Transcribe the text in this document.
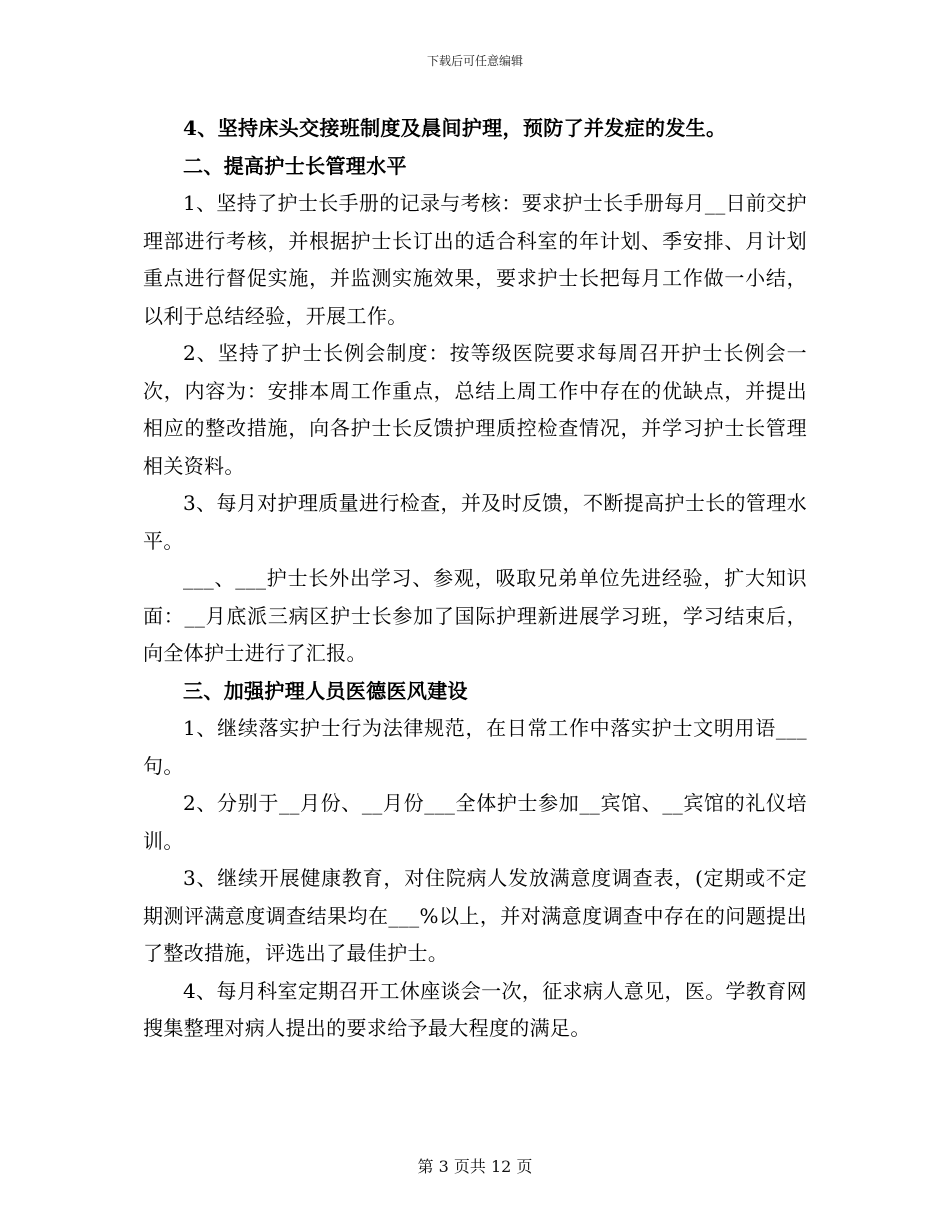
下载后可任意编辑

4、坚持床头交接班制度及晨间护理，预防了并发症的发生。

二、提高护士长管理水平

1、坚持了护士长手册的记录与考核：要求护士长手册每月__日前交护理部进行考核，并根据护士长订出的适合科室的年计划、季安排、月计划重点进行督促实施，并监测实施效果，要求护士长把每月工作做一小结，以利于总结经验，开展工作。

2、坚持了护士长例会制度：按等级医院要求每周召开护士长例会一次，内容为：安排本周工作重点，总结上周工作中存在的优缺点，并提出相应的整改措施，向各护士长反馈护理质控检查情况，并学习护士长管理相关资料。

3、每月对护理质量进行检查，并及时反馈，不断提高护士长的管理水平。

___、___护士长外出学习、参观，吸取兄弟单位先进经验，扩大知识面：__月底派三病区护士长参加了国际护理新进展学习班，学习结束后，向全体护士进行了汇报。

三、加强护理人员医德医风建设

1、继续落实护士行为法律规范，在日常工作中落实护士文明用语___句。

2、分别于__月份、__月份___全体护士参加__宾馆、__宾馆的礼仪培训。

3、继续开展健康教育，对住院病人发放满意度调查表，(定期或不定期测评满意度调查结果均在___%以上，并对满意度调查中存在的问题提出了整改措施，评选出了最佳护士。

4、每月科室定期召开工休座谈会一次，征求病人意见，医。学教育网搜集整理对病人提出的要求给予最大程度的满足。

第 3 页共 12 页
